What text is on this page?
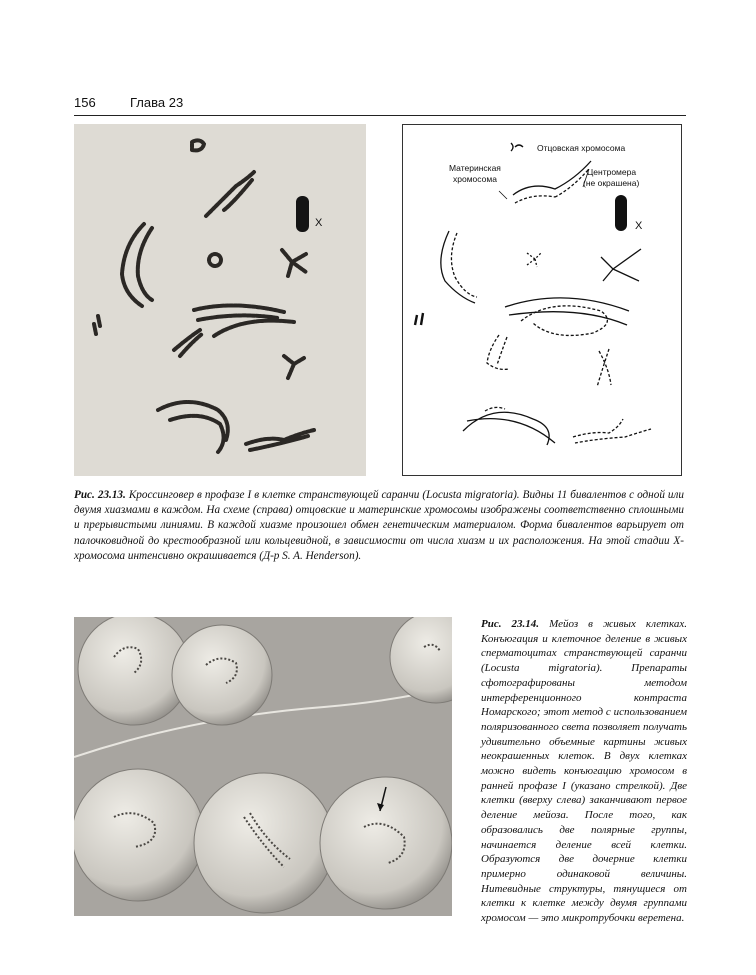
156	Глава 23
X	X
Отцовская хромосома
Материнская
хромосома
Центромера
(не окрашена)
Рис. 23.13. Кроссинговер в профазе I в клетке странствующей саранчи (Locusta migratoria). Видны 11 бивалентов с одной или двумя хиазмами в каждом. На схеме (справа) отцовские и материнские хромосомы изображены соответственно сплошными и прерывистыми линиями. В каждой хиазме произошел обмен генетическим материалом. Форма бивалентов варьирует от палочковидной до крестообразной или кольцевидной, в зависимости от числа хиазм и их расположения. На этой стадии X-хромосома интенсивно окрашивается (Д-р S. A. Henderson).
Рис. 23.14. Мейоз в живых клетках. Конъюгация и клеточное деление в живых сперматоцитах странствующей саранчи (Locusta migratoria). Препараты сфотографированы методом интерференционного контраста Номарского; этот метод с использованием поляризованного света позволяет получать удивительно объемные картины живых неокрашенных клеток. В двух клетках можно видеть конъюгацию хромосом в ранней профазе I (указано стрелкой). Две клетки (вверху слева) заканчивают первое деление мейоза. После того, как образовались две полярные группы, начинается деление всей клетки. Образуются две дочерние клетки примерно одинаковой величины. Нитевидные структуры, тянущиеся от клетки к клетке между двумя группами хромосом — это микротрубочки веретена.
